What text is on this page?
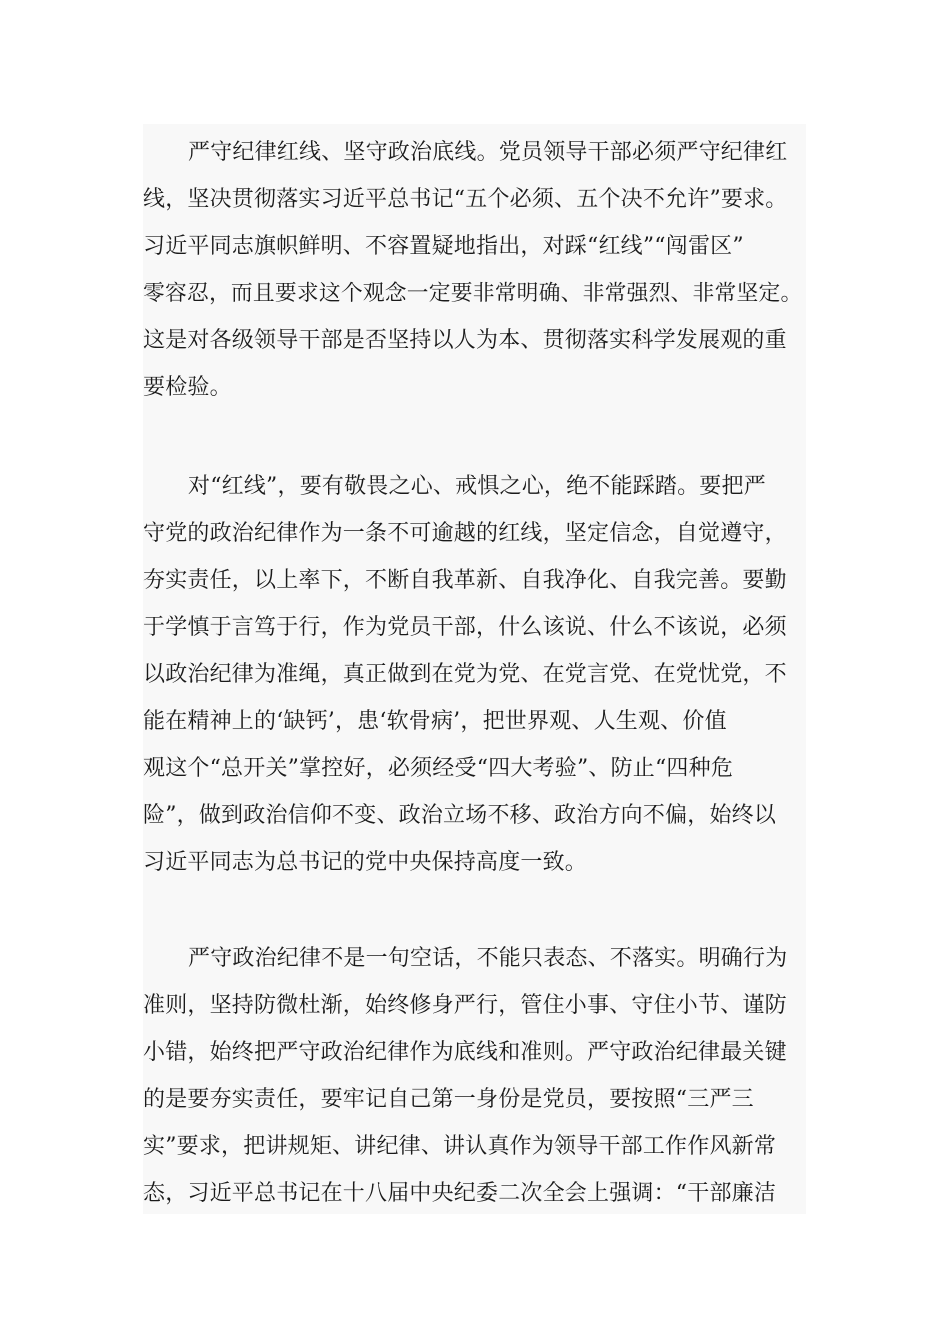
严守纪律红线、坚守政治底线。党员领导干部必须严守纪律红
线，坚决贯彻落实习近平总书记“五个必须、五个决不允许”要求。
习近平同志旗帜鲜明、不容置疑地指出，对踩“红线”“闯雷区”
零容忍，而且要求这个观念一定要非常明确、非常强烈、非常坚定。
这是对各级领导干部是否坚持以人为本、贯彻落实科学发展观的重
要检验。
对“红线”，要有敬畏之心、戒惧之心，绝不能踩踏。要把严
守党的政治纪律作为一条不可逾越的红线，坚定信念，自觉遵守，
夯实责任，以上率下，不断自我革新、自我净化、自我完善。要勤
于学慎于言笃于行，作为党员干部，什么该说、什么不该说，必须
以政治纪律为准绳，真正做到在党为党、在党言党、在党忧党，不
能在精神上的‘缺钙’，患‘软骨病’，把世界观、人生观、价值
观这个“总开关”掌控好，必须经受“四大考验”、防止“四种危
险”，做到政治信仰不变、政治立场不移、政治方向不偏，始终以
习近平同志为总书记的党中央保持高度一致。
严守政治纪律不是一句空话，不能只表态、不落实。明确行为
准则，坚持防微杜渐，始终修身严行，管住小事、守住小节、谨防
小错，始终把严守政治纪律作为底线和准则。严守政治纪律最关键
的是要夯实责任，要牢记自己第一身份是党员，要按照“三严三
实”要求，把讲规矩、讲纪律、讲认真作为领导干部工作作风新常
态，习近平总书记在十八届中央纪委二次全会上强调：“干部廉洁
